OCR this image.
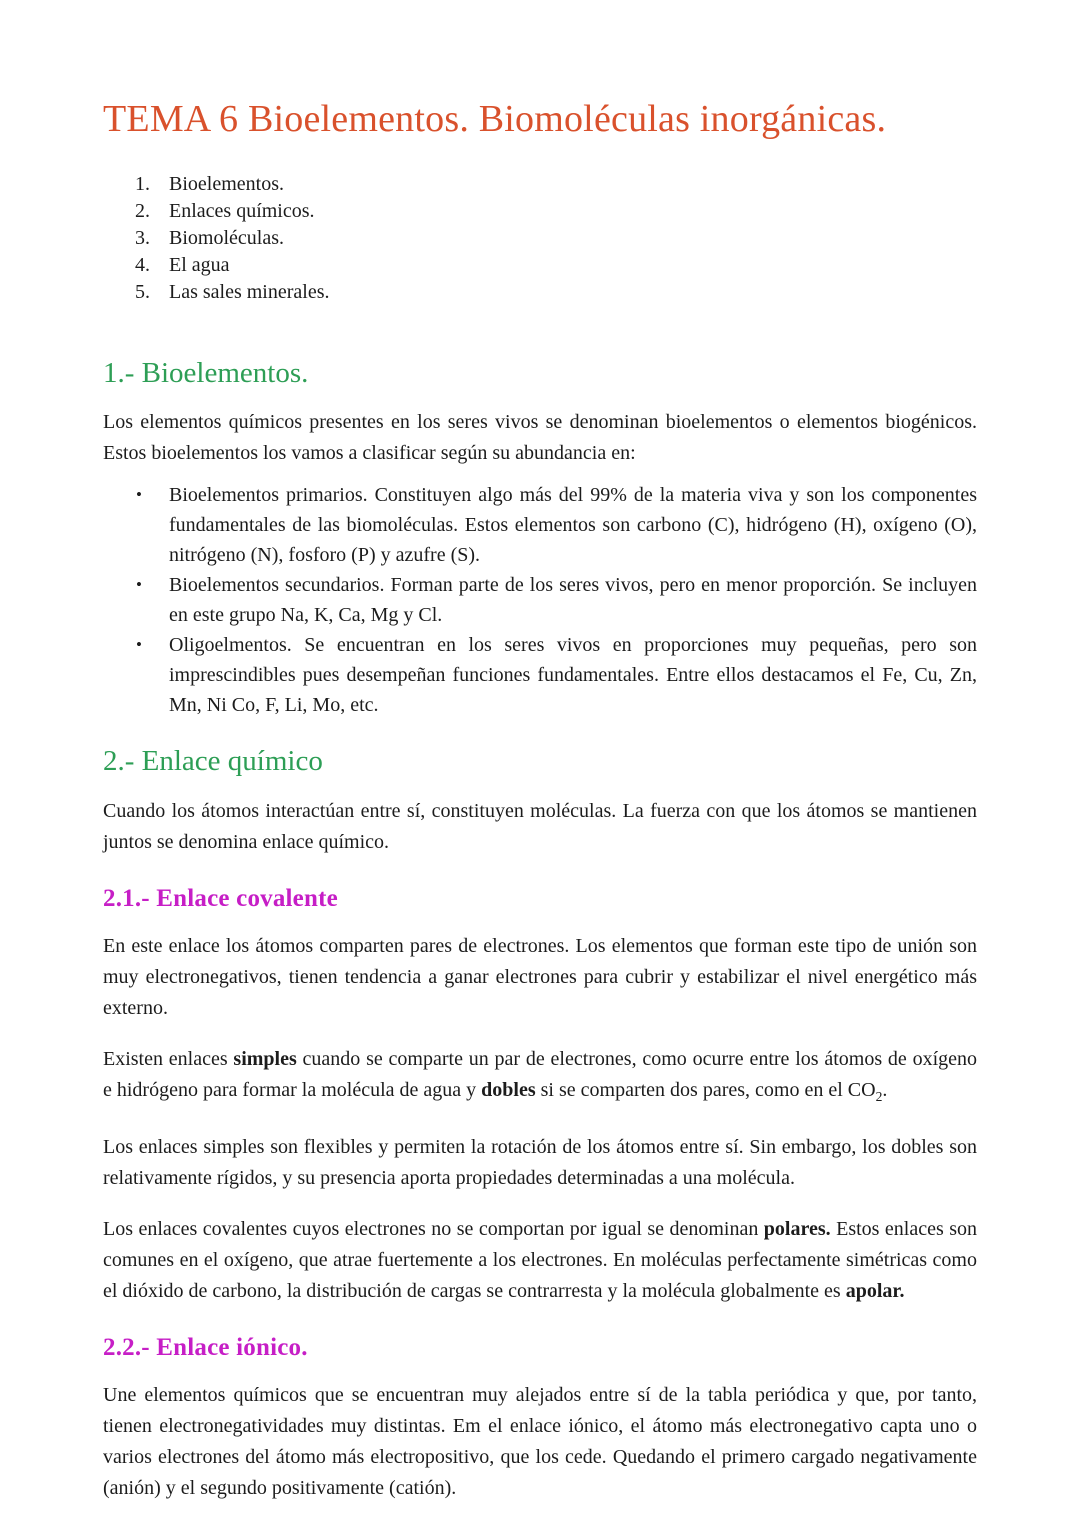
TEMA 6 Bioelementos. Biomoléculas inorgánicas.
1. Bioelementos.
2. Enlaces químicos.
3. Biomoléculas.
4. El agua
5. Las sales minerales.
1.- Bioelementos.

Los elementos químicos presentes en los seres vivos se denominan bioelementos o elementos biogénicos. Estos bioelementos los vamos a clasificar según su abundancia en:

•	Bioelementos primarios. Constituyen algo más del 99% de la materia viva y son los componentes fundamentales de las biomoléculas. Estos elementos son carbono (C), hidrógeno (H), oxígeno (O), nitrógeno (N), fosforo (P) y azufre (S).
•	Bioelementos secundarios. Forman parte de los seres vivos, pero en menor proporción. Se incluyen en este grupo Na, K, Ca, Mg y Cl.
•	Oligoelmentos. Se encuentran en los seres vivos en proporciones muy pequeñas, pero son imprescindibles pues desempeñan funciones fundamentales. Entre ellos destacamos el Fe, Cu, Zn, Mn, Ni Co, F, Li, Mo, etc.
2.- Enlace químico

Cuando los átomos interactúan entre sí, constituyen moléculas. La fuerza con que los átomos se mantienen juntos se denomina enlace químico.

2.1.- Enlace covalente

En este enlace los átomos comparten pares de electrones. Los elementos que forman este tipo de unión son muy electronegativos, tienen tendencia a ganar electrones para cubrir y estabilizar el nivel energético más externo.

Existen enlaces simples cuando se comparte un par de electrones, como ocurre entre los átomos de oxígeno e hidrógeno para formar la molécula de agua y dobles si se comparten dos pares, como en el $CO_2$.

Los enlaces simples son flexibles y permiten la rotación de los átomos entre sí. Sin embargo, los dobles son relativamente rígidos, y su presencia aporta propiedades determinadas a una molécula.

Los enlaces covalentes cuyos electrones no se comportan por igual se denominan polares. Estos enlaces son comunes en el oxígeno, que atrae fuertemente a los electrones. En moléculas perfectamente simétricas como el dióxido de carbono, la distribución de cargas se contrarresta y la molécula globalmente es apolar.

2.2.- Enlace iónico.

Une elementos químicos que se encuentran muy alejados entre sí de la tabla periódica y que, por tanto, tienen electronegatividades muy distintas. Em el enlace iónico, el átomo más electronegativo capta uno o varios electrones del átomo más electropositivo, que los cede. Quedando el primero cargado negativamente (anión) y el segundo positivamente (catión).
